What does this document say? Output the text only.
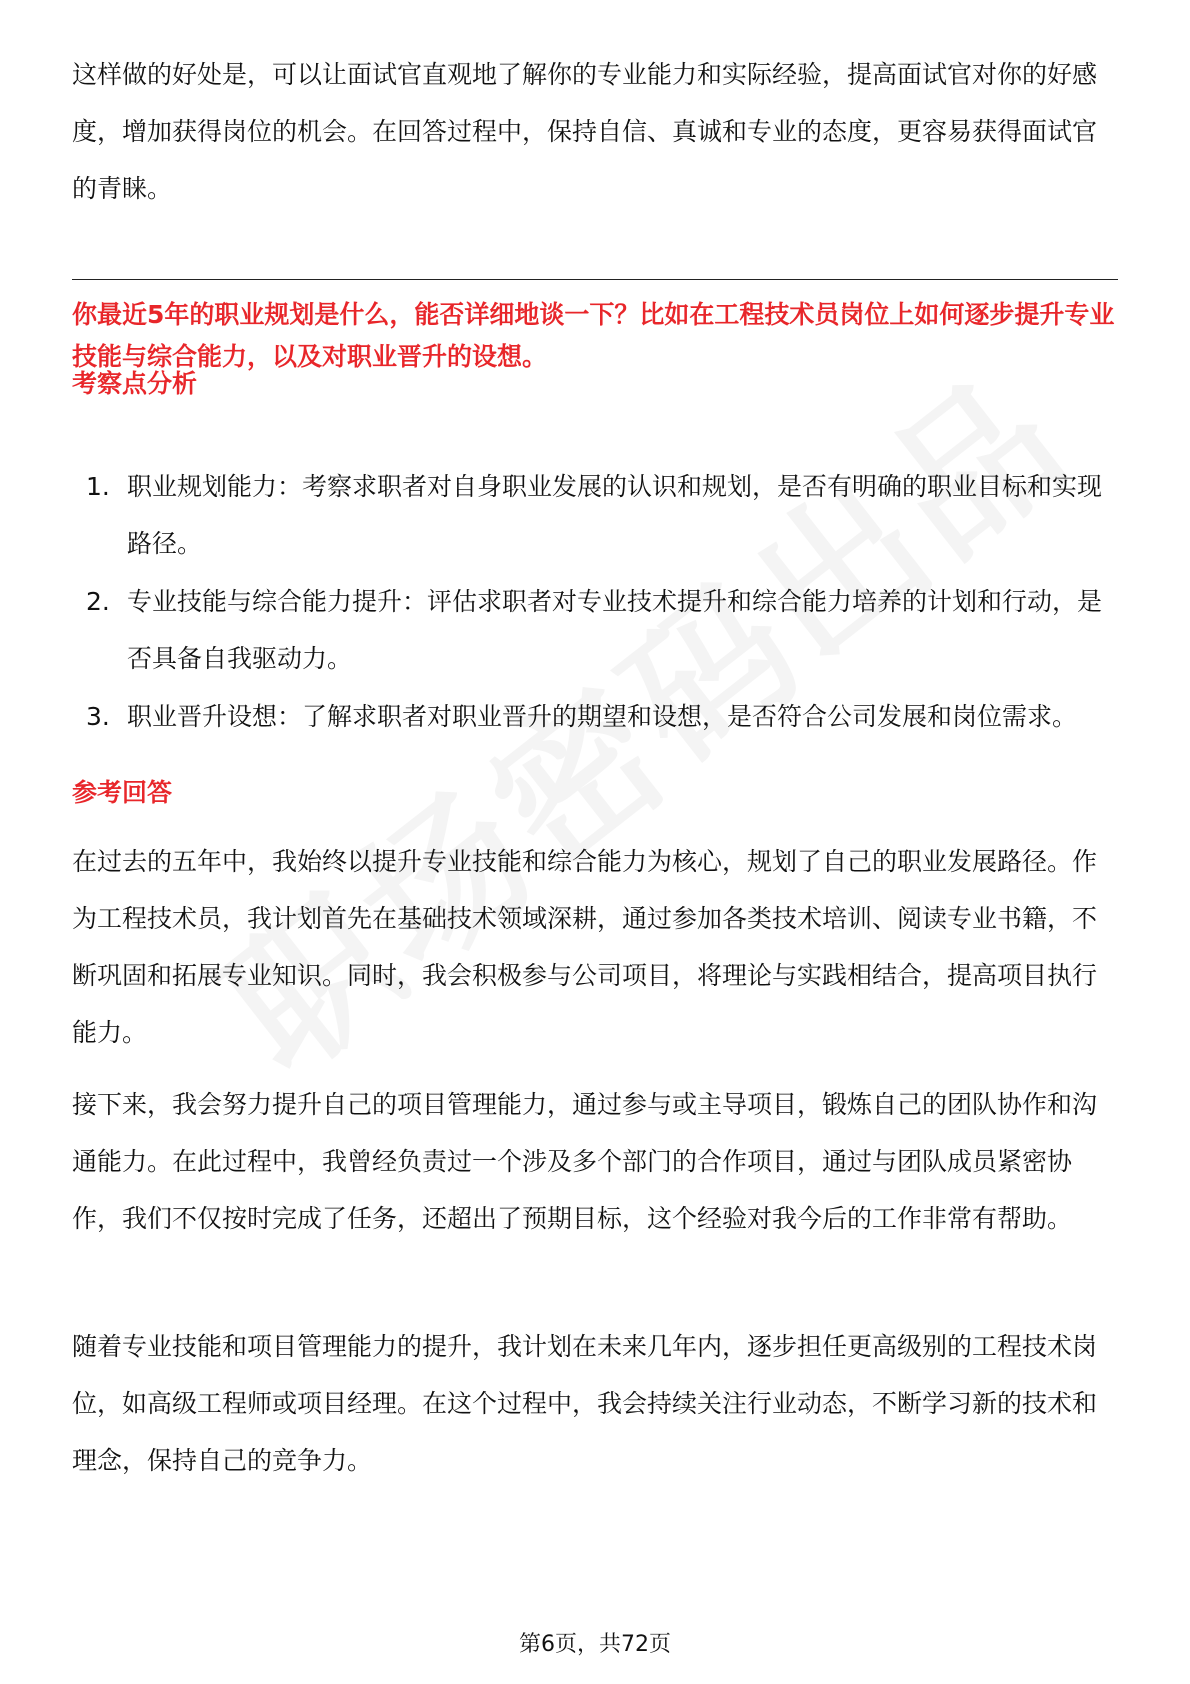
这样做的好处是，可以让面试官直观地了解你的专业能力和实际经验，提高面试官对你的好感度，增加获得岗位的机会。在回答过程中，保持自信、真诚和专业的态度，更容易获得面试官的青睐。

你最近5年的职业规划是什么，能否详细地谈一下？比如在工程技术员岗位上如何逐步提升专业技能与综合能力，以及对职业晋升的设想。

考察点分析
1. 职业规划能力：考察求职者对自身职业发展的认识和规划，是否有明确的职业目标和实现路径。
2. 专业技能与综合能力提升：评估求职者对专业技术提升和综合能力培养的计划和行动，是否具备自我驱动力。
3. 职业晋升设想：了解求职者对职业晋升的期望和设想，是否符合公司发展和岗位需求。
参考回答

在过去的五年中，我始终以提升专业技能和综合能力为核心，规划了自己的职业发展路径。作为工程技术员，我计划首先在基础技术领域深耕，通过参加各类技术培训、阅读专业书籍，不断巩固和拓展专业知识。同时，我会积极参与公司项目，将理论与实践相结合，提高项目执行能力。

接下来，我会努力提升自己的项目管理能力，通过参与或主导项目，锻炼自己的团队协作和沟通能力。在此过程中，我曾经负责过一个涉及多个部门的合作项目，通过与团队成员紧密协作，我们不仅按时完成了任务，还超出了预期目标，这个经验对我今后的工作非常有帮助。

随着专业技能和项目管理能力的提升，我计划在未来几年内，逐步担任更高级别的工程技术岗位，如高级工程师或项目经理。在这个过程中，我会持续关注行业动态，不断学习新的技术和理念，保持自己的竞争力。

第6页，共72页
